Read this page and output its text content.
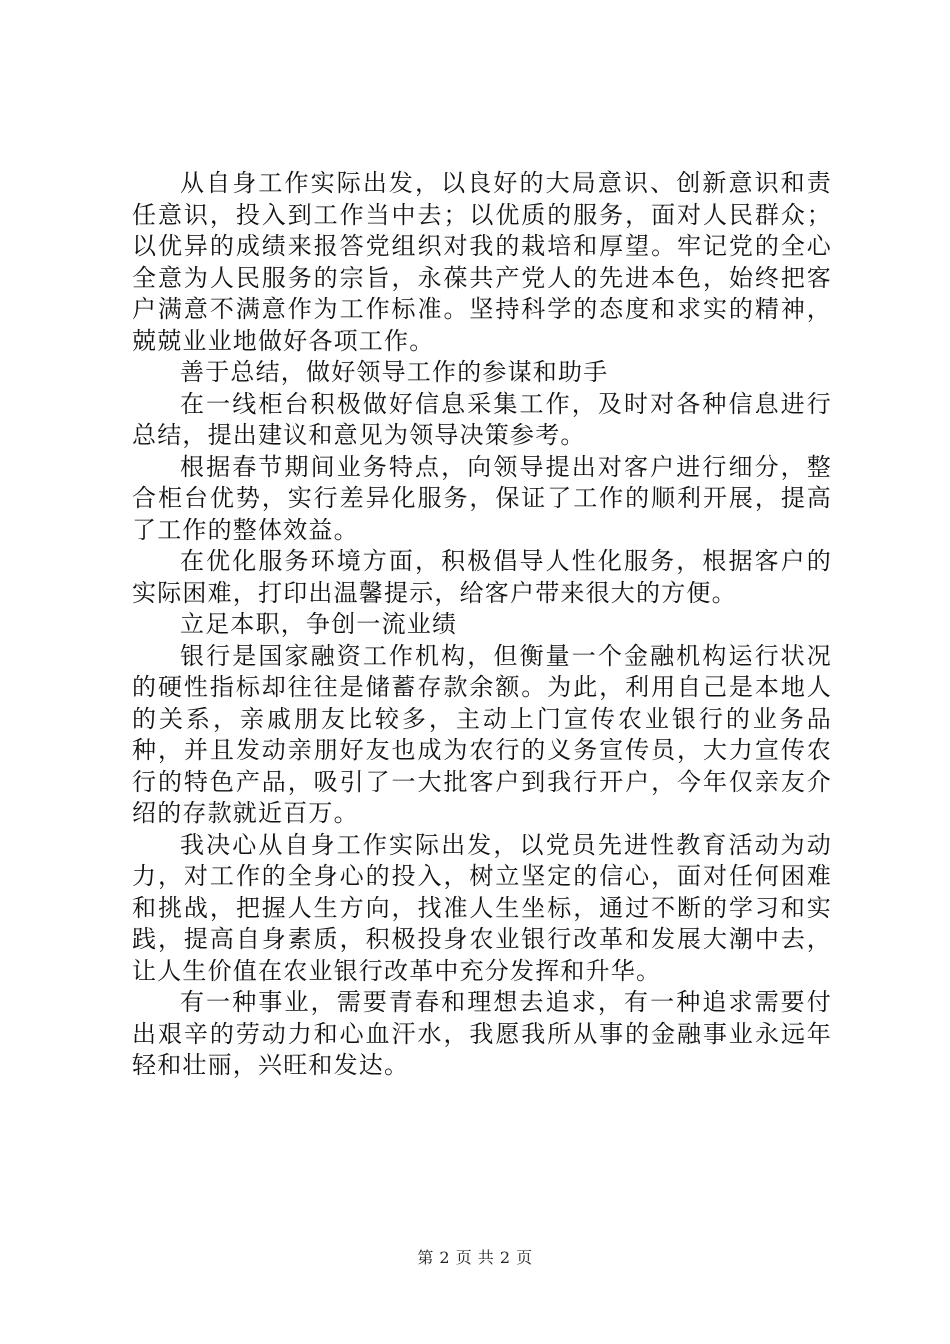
从自身工作实际出发，以良好的大局意识、创新意识和责任意识，投入到工作当中去；以优质的服务，面对人民群众；以优异的成绩来报答党组织对我的栽培和厚望。牢记党的全心全意为人民服务的宗旨，永葆共产党人的先进本色，始终把客户满意不满意作为工作标准。坚持科学的态度和求实的精神，兢兢业业地做好各项工作。

善于总结，做好领导工作的参谋和助手

在一线柜台积极做好信息采集工作，及时对各种信息进行总结，提出建议和意见为领导决策参考。

根据春节期间业务特点，向领导提出对客户进行细分，整合柜台优势，实行差异化服务，保证了工作的顺利开展，提高了工作的整体效益。

在优化服务环境方面，积极倡导人性化服务，根据客户的实际困难，打印出温馨提示，给客户带来很大的方便。

立足本职，争创一流业绩

银行是国家融资工作机构，但衡量一个金融机构运行状况的硬性指标却往往是储蓄存款余额。为此，利用自己是本地人的关系，亲戚朋友比较多，主动上门宣传农业银行的业务品种，并且发动亲朋好友也成为农行的义务宣传员，大力宣传农行的特色产品，吸引了一大批客户到我行开户，今年仅亲友介绍的存款就近百万。

我决心从自身工作实际出发，以党员先进性教育活动为动力，对工作的全身心的投入，树立坚定的信心，面对任何困难和挑战，把握人生方向，找准人生坐标，通过不断的学习和实践，提高自身素质，积极投身农业银行改革和发展大潮中去，让人生价值在农业银行改革中充分发挥和升华。

有一种事业，需要青春和理想去追求，有一种追求需要付出艰辛的劳动力和心血汗水，我愿我所从事的金融事业永远年轻和壮丽，兴旺和发达。

第 2 页 共 2 页
